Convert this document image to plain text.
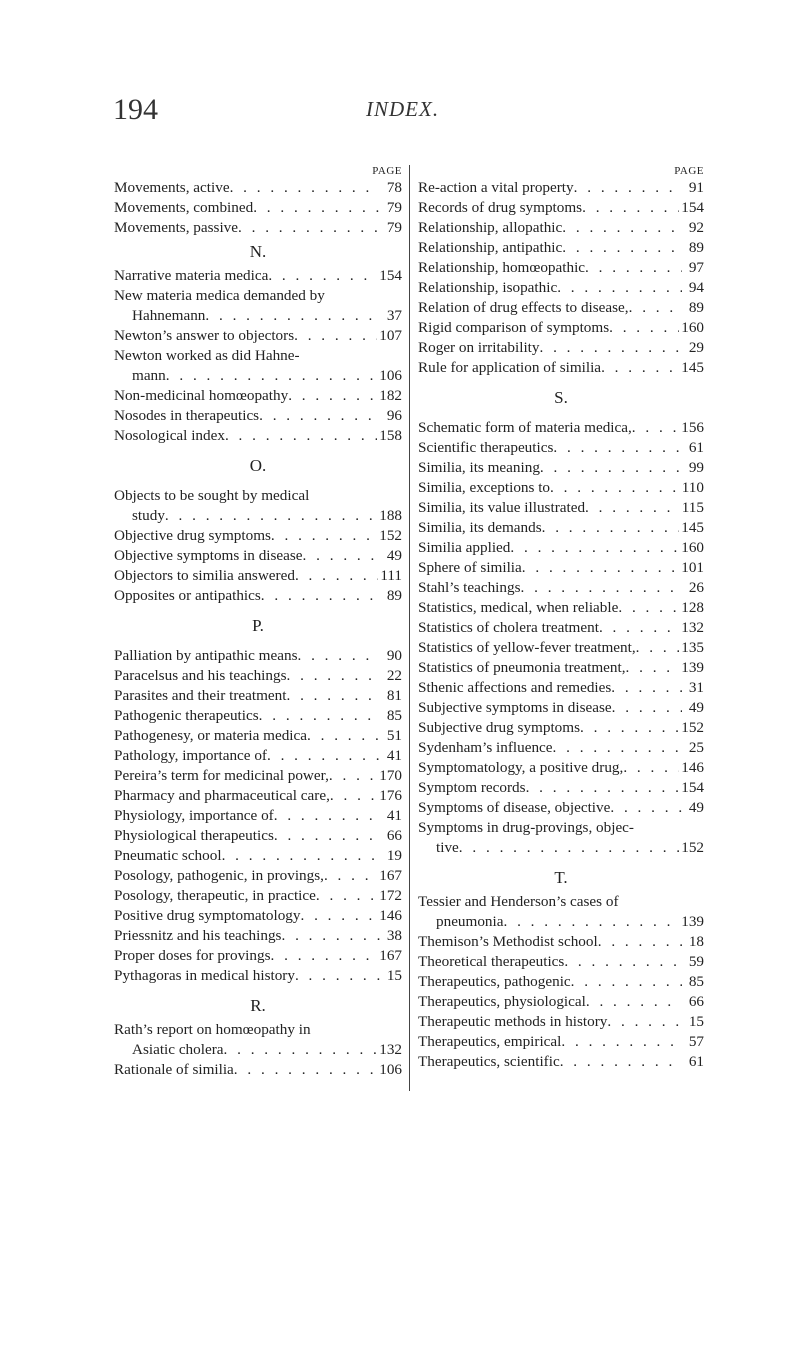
194	INDEX.
PAGE
Movements, active . . .	78
Movements, combined . . .	79
Movements, passive . . .	79
N.
Narrative materia medica . . .	154
New materia medica demanded by
Hahnemann . . .	37
Newton’s answer to objectors . . .	107
Newton worked as did Hahne-
mann . . .	106
Non-medicinal homœopathy . . .	182
Nosodes in therapeutics . . .	96
Nosological index . . .	158
O.
Objects to be sought by medical
study . . .	188
Objective drug symptoms . . .	152
Objective symptoms in disease . . .	49
Objectors to similia answered . . .	111
Opposites or antipathics . . .	89
P.
Palliation by antipathic means . . .	90
Paracelsus and his teachings . . .	22
Parasites and their treatment . . .	81
Pathogenic therapeutics . . .	85
Pathogenesy, or materia medica . . .	51
Pathology, importance of . . .	41
Pereira’s term for medicinal power, . . .	170
Pharmacy and pharmaceutical care, . . .	176
Physiology, importance of . . .	41
Physiological therapeutics . . .	66
Pneumatic school . . .	19
Posology, pathogenic, in provings, . . .	167
Posology, therapeutic, in practice . . .	172
Positive drug symptomatology . . .	146
Priessnitz and his teachings . . .	38
Proper doses for provings . . .	167
Pythagoras in medical history . . .	15
R.
Rath’s report on homœopathy in
Asiatic cholera . . .	132
Rationale of similia . . .	106
PAGE
Re-action a vital property . . .	91
Records of drug symptoms . . .	154
Relationship, allopathic . . .	92
Relationship, antipathic . . .	89
Relationship, homœopathic . . .	97
Relationship, isopathic . . .	94
Relation of drug effects to disease, . . .	89
Rigid comparison of symptoms . . .	160
Roger on irritability . . .	29
Rule for application of similia . . .	145
S.
Schematic form of materia medica, . . .	156
Scientific therapeutics . . .	61
Similia, its meaning . . .	99
Similia, exceptions to . . .	110
Similia, its value illustrated . . .	115
Similia, its demands . . .	145
Similia applied . . .	160
Sphere of similia . . .	101
Stahl’s teachings . . .	26
Statistics, medical, when reliable . . .	128
Statistics of cholera treatment . . .	132
Statistics of yellow-fever treatment, . . .	135
Statistics of pneumonia treatment, . . .	139
Sthenic affections and remedies . . .	31
Subjective symptoms in disease . . .	49
Subjective drug symptoms . . .	152
Sydenham’s influence . . .	25
Symptomatology, a positive drug, . . .	146
Symptom records . . .	154
Symptoms of disease, objective . . .	49
Symptoms in drug-provings, objec-
tive . . .	152
T.
Tessier and Henderson’s cases of
pneumonia . . .	139
Themison’s Methodist school . . .	18
Theoretical therapeutics . . .	59
Therapeutics, pathogenic . . .	85
Therapeutics, physiological . . .	66
Therapeutic methods in history . . .	15
Therapeutics, empirical . . .	57
Therapeutics, scientific . . .	61
